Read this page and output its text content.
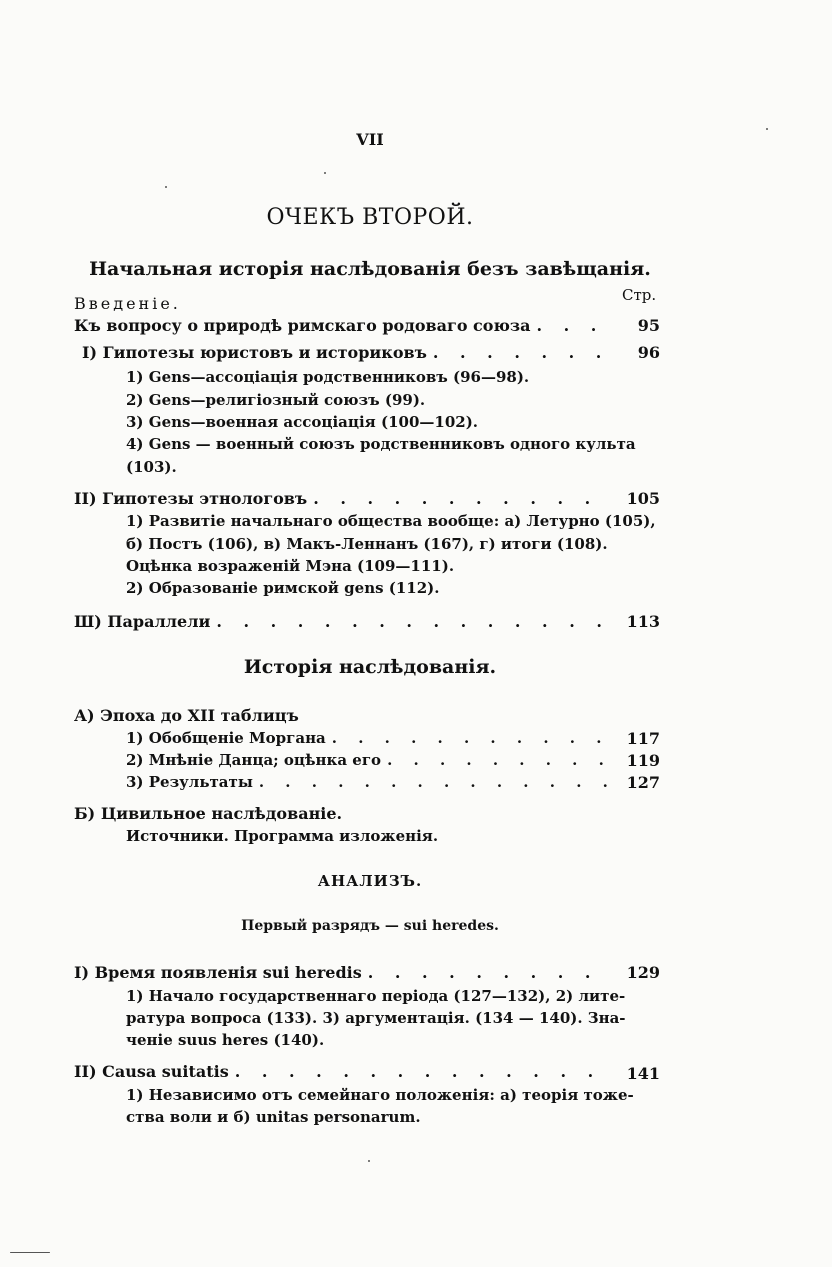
VII
ОЧЕКЪ ВТОРОЙ.
Начальная исторія наслѣдованія безъ завѣщанія.
Стр.
Введеніе.
Къ вопросу о природѣ римскаго родоваго союза . . .	95
I) Гипотезы юристовъ и историковъ . . .	96
1) Gens—ассоціація родственниковъ (96—98).
2) Gens—религіозный союзъ (99).
3) Gens—военная ассоціація (100—102).
4) Gens — военный союзъ родственниковъ одного культа
(103).
II) Гипотезы этнологовъ . . .	105
1) Развитіе начальнаго общества вообще: а) Летурно (105),
б) Постъ (106), в) Макъ-Леннанъ (167), г) итоги (108).
Оцѣнка возраженій Мэна (109—111).
2) Образованіе римской gens (112).
Ш) Параллели . . .	113
Исторія наслѣдованія.
А) Эпоха до XII таблицъ
1) Обобщеніе Моргана . . .	117
2) Мнѣніе Данца; оцѣнка его . . .	119
3) Результаты . . .	127
Б) Цивильное наслѣдованіе.
Источники. Программа изложенія.
АНАЛИЗЪ.
Первый разрядъ — sui heredes.
I) Время появленія sui heredis . . .	129
1) Начало государственнаго періода (127—132), 2) лите-
ратура вопроса (133). 3) аргументація. (134 — 140). Зна-
ченіе suus heres (140).
II) Causa suitatis . . .	141
1) Независимо отъ семейнаго положенія: а) теорія тоже-
ства воли и б) unitas personarum.
